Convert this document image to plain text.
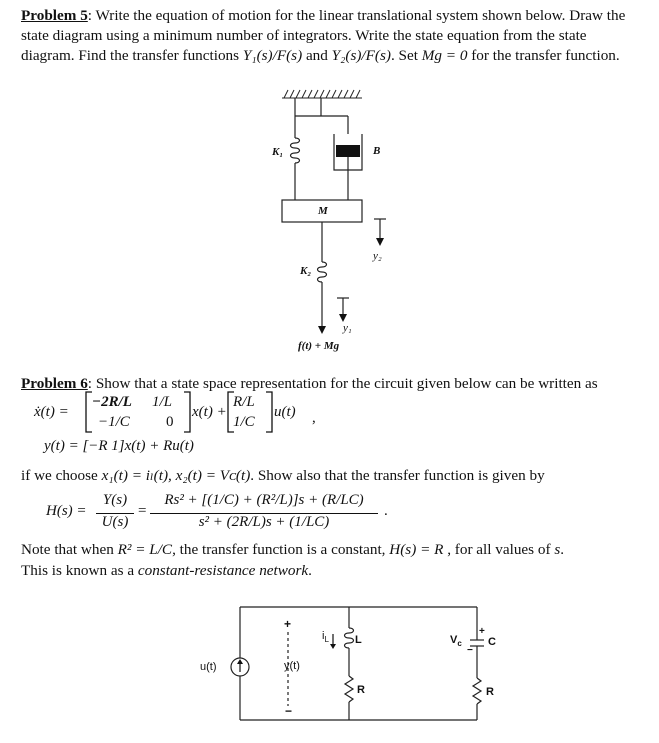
Problem 5: Write the equation of motion for the linear translational system shown below. Draw the state diagram using a minimum number of integrators. Write the state equation from the state diagram. Find the transfer functions Y₁(s)/F(s) and Y₂(s)/F(s). Set Mg = 0 for the transfer function.
K₁	B
M
y₂
K₂
y₁
f(t) + Mg
Problem 6: Show that a state space representation for the circuit given below can be written as
ẋ(t) =
−2R/L 1/L
−1/C 0
x(t) +
R/L
1/C
u(t) ,
y(t) = [−R 1]x(t) + Ru(t)
if we choose x₁(t) = iₗ(t), x₂(t) = Vᴄ(t). Show also that the transfer function is given by
H(s) =
Y(s)
U(s)
=
Rs² + [(1/C) + (R²/L)]s + (R/LC)
s² + (2R/L)s + (1/LC)
.
Note that when R² = L/C, the transfer function is a constant, H(s) = R , for all values of s.
This is known as a constant-resistance network.
u(t)	y(t)
+
−
$i_L$ L
R
$V_c$
+
−
C
R
